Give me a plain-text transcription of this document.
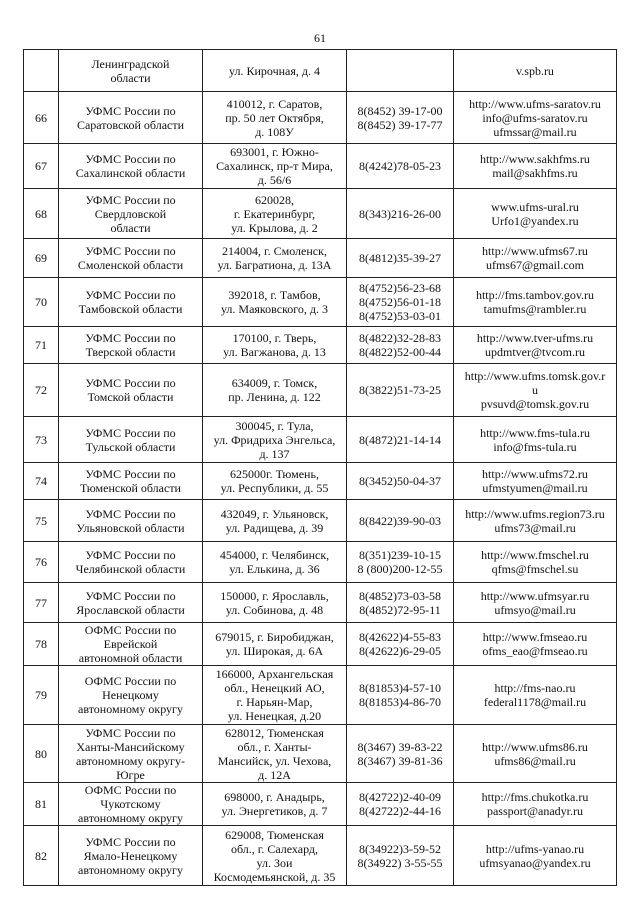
61

	Ленинградской
области	ул. Кирочная, д. 4		v.spb.ru

66	УФМС России по
Саратовской области	410012, г. Саратов,
пр. 50 лет Октября,
д. 108У	8(8452) 39-17-00
8(8452) 39-17-77	http://www.ufms-saratov.ru
info@ufms-saratov.ru
ufmssar@mail.ru

67	УФМС России по
Сахалинской области	693001, г. Южно-
Сахалинск, пр-т Мира,
д. 56/6	8(4242)78-05-23	http://www.sakhfms.ru
mail@sakhfms.ru

68	УФМС России по
Свердловской
области	620028,
г. Екатеринбург,
ул. Крылова, д. 2	8(343)216-26-00	www.ufms-ural.ru
Urfo1@yandex.ru

69	УФМС России по
Смоленской области	214004, г. Смоленск,
ул. Багратиона, д. 13А	8(4812)35-39-27	http://www.ufms67.ru
ufms67@gmail.com

70	УФМС России по
Тамбовской области	392018, г. Тамбов,
ул. Маяковского, д. 3	8(4752)56-23-68
8(4752)56-01-18
8(4752)53-03-01	http://fms.tambov.gov.ru
tamufms@rambler.ru

71	УФМС России по
Тверской области	170100, г. Тверь,
ул. Вагжанова, д. 13	8(4822)32-28-83
8(4822)52-00-44	http://www.tver-ufms.ru
updmtver@tvcom.ru

72	УФМС России по
Томской области	634009, г. Томск,
пр. Ленина, д. 122	8(3822)51-73-25	http://www.ufms.tomsk.gov.r
u
pvsuvd@tomsk.gov.ru

73	УФМС России по
Тульской области	300045, г. Тула,
ул. Фридриха Энгельса,
д. 137	8(4872)21-14-14	http://www.fms-tula.ru
info@fms-tula.ru

74	УФМС России по
Тюменской области	625000г. Тюмень,
ул. Республики, д. 55	8(3452)50-04-37	http://www.ufms72.ru
ufmstyumen@mail.ru

75	УФМС России по
Ульяновской области	432049, г. Ульяновск,
ул. Радищева, д. 39	8(8422)39-90-03	http://www.ufms.region73.ru
ufms73@mail.ru

76	УФМС России по
Челябинской области	454000, г. Челябинск,
ул. Елькина, д. 36	8(351)239-10-15
8 (800)200-12-55	http://www.fmschel.ru
qfms@fmschel.su

77	УФМС России по
Ярославской области	150000, г. Ярославль,
ул. Собинова, д. 48	8(4852)73-03-58
8(4852)72-95-11	http://www.ufmsyar.ru
ufmsyo@mail.ru

78	ОФМС России по
Еврейской
автономной области	679015, г. Биробиджан,
ул. Широкая, д. 6А	8(42622)4-55-83
8(42622)6-29-05	http://www.fmseao.ru
ofms_eao@fmseao.ru

79	ОФМС России по
Ненецкому
автономному округу	166000, Архангельская
обл., Ненецкий АО,
г. Нарьян-Мар,
ул. Ненецкая, д.20	8(81853)4-57-10
8(81853)4-86-70	http://fms-nao.ru
federal1178@mail.ru

80	УФМС России по
Ханты-Мансийскому
автономному округу-
Югре	628012, Тюменская
обл., г. Ханты-
Мансийск, ул. Чехова,
д. 12А	8(3467) 39-83-22
8(3467) 39-81-36	http://www.ufms86.ru
ufms86@mail.ru

81	ОФМС России по
Чукотскому
автономному округу	698000, г. Анадырь,
ул. Энергетиков, д. 7	8(42722)2-40-09
8(42722)2-44-16	http://fms.chukotka.ru
passport@anadyr.ru

82	УФМС России по
Ямало-Ненецкому
автономному округу	629008, Тюменская
обл., г. Салехард,
ул. Зои
Космодемьянской, д. 35	8(34922)3-59-52
8(34922) 3-55-55	http://ufms-yanao.ru
ufmsyanao@yandex.ru
